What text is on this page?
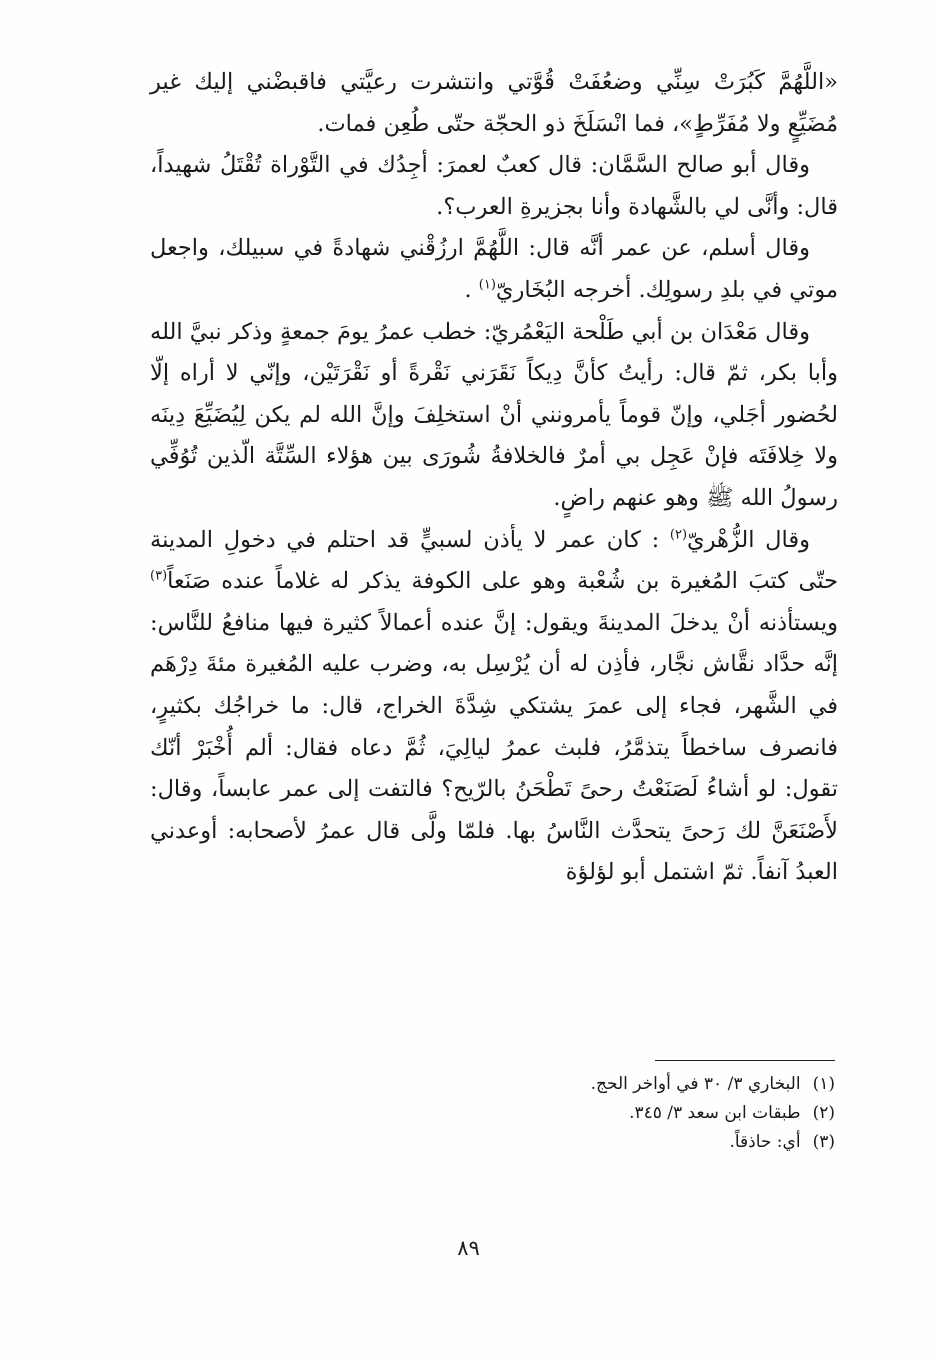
«اللَّهُمَّ كَبُرَتْ سِنِّي وضعُفَتْ قُوَّتي وانتشرت رعيَّتي فاقبضْني إليك غير مُضَيِّعٍ ولا مُفَرِّطٍ»، فما انْسَلَخَ ذو الحجّة حتّى طُعِن فمات.

وقال أبو صالح السَّمَّان: قال كعبٌ لعمرَ: أجِدُك في التَّوْراة تُقْتَلُ شهيداً، قال: وأنَّى لي بالشَّهادة وأنا بجزيرةِ العرب؟.

وقال أسلم، عن عمر أنَّه قال: اللَّهُمَّ ارزُقْني شهادةً في سبيلك، واجعل موتي في بلدِ رسولِك. أخرجه البُخَاريّ$^{(١)}$ .

وقال مَعْدَان بن أبي طَلْحة اليَعْمُريّ: خطب عمرُ يومَ جمعةٍ وذكر نبيَّ الله وأبا بكر، ثمّ قال: رأيتُ كأنَّ دِيكاً نَقَرَني نَقْرةً أو نَقْرَتَيْن، وإنّي لا أراه إلّا لحُضور أجَلي، وإنّ قوماً يأمرونني أنْ استخلِفَ وإنَّ الله لم يكن لِيُضَيِّعَ دِينَه ولا خِلافَتَه فإنْ عَجِل بي أمرٌ فالخلافةُ شُورَى بين هؤلاء السِّتَّة الّذين تُوُفِّي رسولُ الله ﷺ وهو عنهم راضٍ.

وقال الزُّهْريّ$^{(٢)}$ : كان عمر لا يأذن لسبيٍّ قد احتلم في دخولِ المدينة حتّى كتبَ المُغيرة بن شُعْبة وهو على الكوفة يذكر له غلاماً عنده صَنَعاً$^{(٣)}$ ويستأذنه أنْ يدخلَ المدينةَ ويقول: إنَّ عنده أعمالاً كثيرة فيها منافعُ للنَّاس: إنَّه حدَّاد نقَّاش نجَّار، فأذِن له أن يُرْسِل به، وضرب عليه المُغيرة مئةَ دِرْهَم في الشَّهر، فجاء إلى عمرَ يشتكي شِدَّةَ الخراج، قال: ما خراجُك بكثيرٍ، فانصرف ساخطاً يتذمَّرُ، فلبث عمرُ ليالِيَ، ثُمَّ دعاه فقال: ألم أُخْبَرْ أنّك تقول: لو أشاءُ لَصَنَعْتُ رحىً تَطْحَنُ بالرّيح؟ فالتفت إلى عمر عابساً، وقال: لأَصْنَعَنَّ لك رَحىً يتحدَّث النَّاسُ بها. فلمّا ولَّى قال عمرُ لأصحابه: أوعدني العبدُ آنفاً. ثمّ اشتمل أبو لؤلؤة

(١)البخاري ٣/ ٣٠ في أواخر الحج.
(٢)طبقات ابن سعد ٣/ ٣٤٥.
(٣)أي: حاذقاً.
٨٩
